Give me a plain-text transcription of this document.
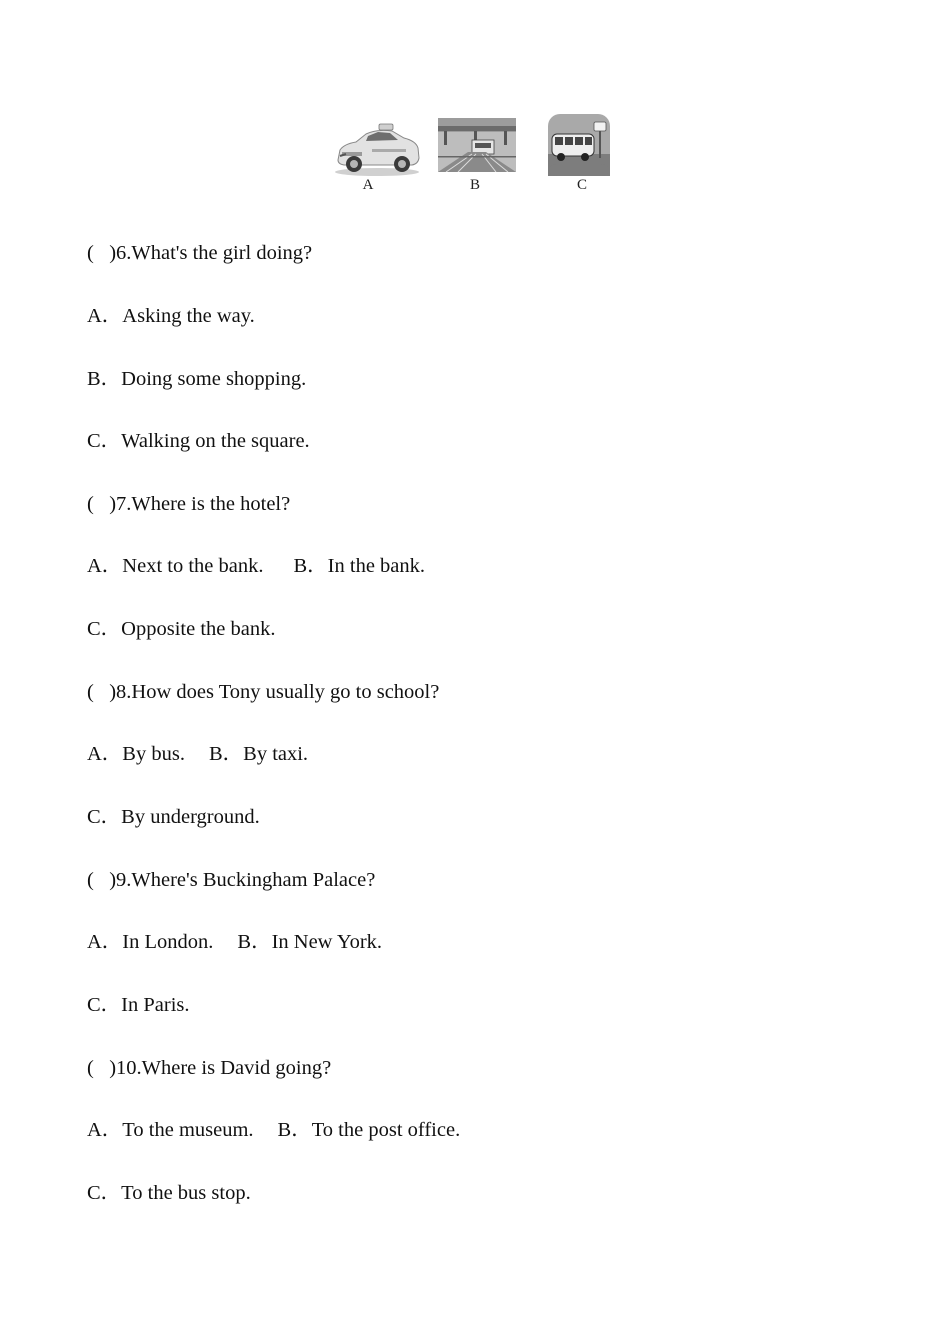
A	B	C
(   )6.What's the girl doing?
A．Asking the way.
B．Doing some shopping.
C．Walking on the square.
(   )7.Where is the hotel?
A．Next to the bank. B．In the bank.
C．Opposite the bank.
(   )8.How does Tony usually go to school?
A．By bus. B．By taxi.
C．By underground.
(   )9.Where's Buckingham Palace?
A．In London. B．In New York.
C．In Paris.
(   )10.Where is David going?
A．To the museum. B．To the post office.
C．To the bus stop.
